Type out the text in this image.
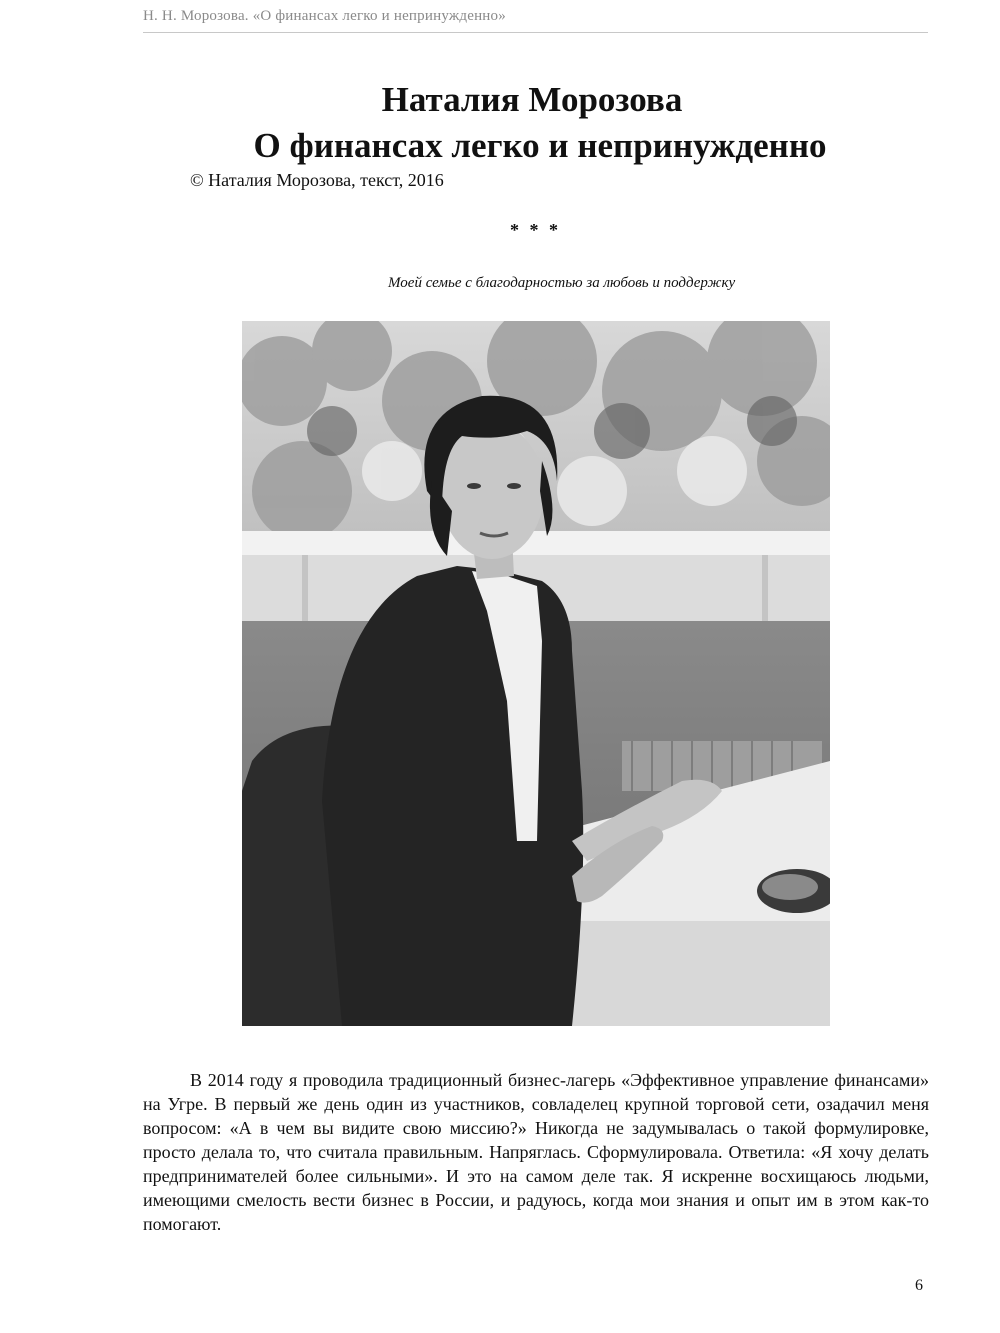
Н. Н. Морозова. «О финансах легко и непринужденно»
Наталия Морозова
О финансах легко и непринужденно
© Наталия Морозова, текст, 2016
* * *
Моей семье с благодарностью за любовь и поддержку

В 2014 году я проводила традиционный бизнес-лагерь «Эффективное управление финансами» на Угре. В первый же день один из участников, совладелец крупной торговой сети, озадачил меня вопросом: «А в чем вы видите свою миссию?» Никогда не задумывалась о такой формулировке, просто делала то, что считала правильным. Напряглась. Сформулировала. Ответила: «Я хочу делать предпринимателей более сильными». И это на самом деле так. Я искренне восхищаюсь людьми, имеющими смелость вести бизнес в России, и радуюсь, когда мои знания и опыт им в этом как-то помогают.

6
